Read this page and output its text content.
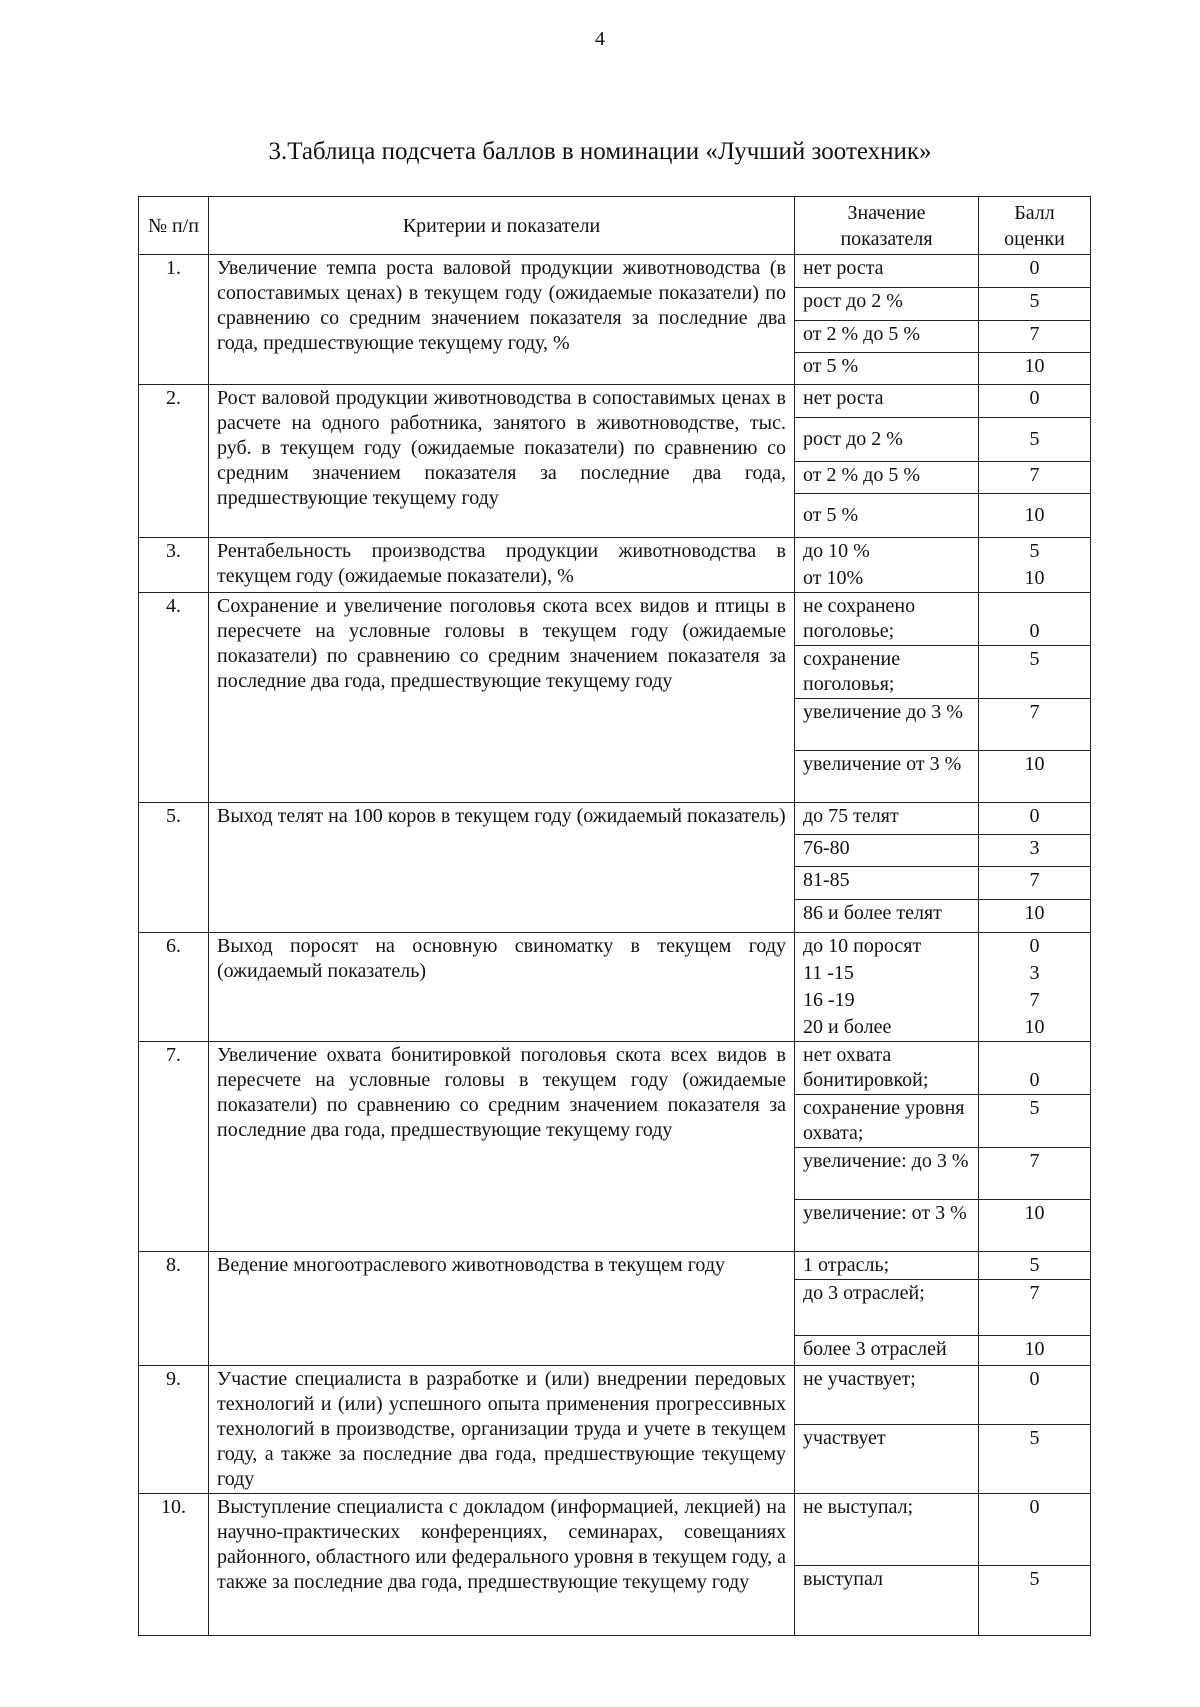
4
3.Таблица подсчета баллов в номинации «Лучший зоотехник»
№ п/п	Критерии и показатели	Значение показателя	Балл оценки
1.	Увеличение темпа роста валовой продукции животноводства (в сопоставимых ценах) в текущем году (ожидаемые показатели) по сравнению со средним значением показателя за последние два года, предшествующие текущему году, %	нет роста	0
		рост до 2 %	5
		от 2 % до 5 %	7
		от 5 %	10
2.	Рост валовой продукции животноводства в сопоставимых ценах в расчете на одного работника, занятого в животноводстве, тыс. руб. в текущем году (ожидаемые показатели) по сравнению со средним значением показателя за последние два года, предшествующие текущему году	нет роста	0
		рост до 2 %	5
		от 2 % до 5 %	7
		от 5 %	10
3.	Рентабельность производства продукции животноводства в текущем году (ожидаемые показатели), %	до 10 %	5
		от 10%	10
4.	Сохранение и увеличение поголовья скота всех видов и птицы в пересчете на условные головы в текущем году (ожидаемые показатели) по сравнению со средним значением показателя за последние два года, предшествующие текущему году	не сохранено поголовье;	0
		сохранение поголовья;	5
		увеличение до 3 %	7
		увеличение от 3 %	10
5.	Выход телят на 100 коров в текущем году (ожидаемый показатель)	до 75 телят	0
		76-80	3
		81-85	7
		86 и более телят	10
6.	Выход поросят на основную свиноматку в текущем году (ожидаемый показатель)	до 10 поросят	0
		11 -15	3
		16 -19	7
		20 и более	10
7.	Увеличение охвата бонитировкой поголовья скота всех видов в пересчете на условные головы в текущем году (ожидаемые показатели) по сравнению со средним значением показателя за последние два года, предшествующие текущему году	нет охвата бонитировкой;	0
		сохранение уровня охвата;	5
		увеличение: до 3 %	7
		увеличение: от 3 %	10
8.	Ведение многоотраслевого животноводства в текущем году	1 отрасль;	5
		до 3 отраслей;	7
		более 3 отраслей	10
9.	Участие специалиста в разработке и (или) внедрении передовых технологий и (или) успешного опыта применения прогрессивных технологий в производстве, организации труда и учете в текущем году, а также за последние два года, предшествующие текущему году	не участвует;	0
		участвует	5
10.	Выступление специалиста с докладом (информацией, лекцией) на научно-практических конференциях, семинарах, совещаниях районного, областного или федерального уровня в текущем году, а также за последние два года, предшествующие текущему году	не выступал;	0
		выступал	5
